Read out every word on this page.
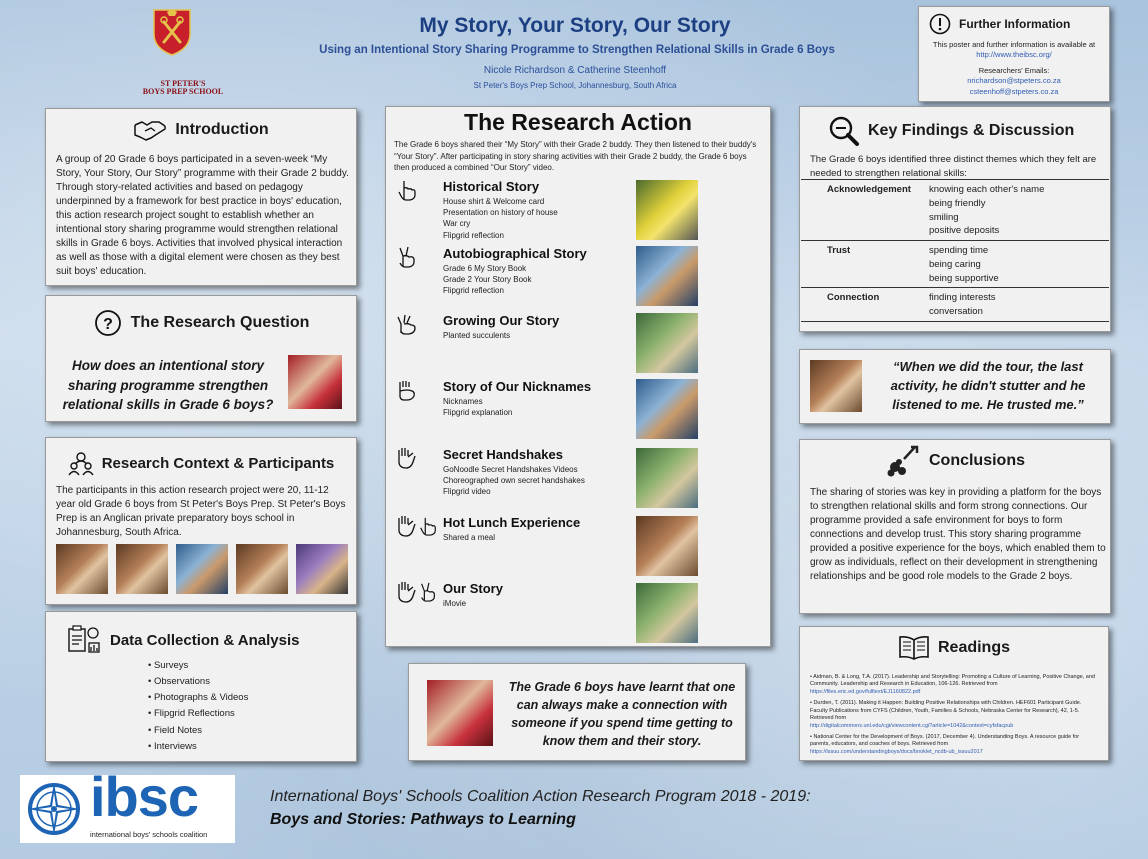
ST PETER'S
BOYS PREP SCHOOL
My Story, Your Story, Our Story
Using an Intentional Story Sharing Programme to Strengthen Relational Skills in Grade 6 Boys
Nicole Richardson & Catherine Steenhoff
St Peter's Boys Prep School, Johannesburg, South Africa
Further Information
This poster and further information is available at
http://www.theibsc.org/
Researchers' Emails:
nrichardson@stpeters.co.za
csteenhoff@stpeters.co.za
Introduction
A group of 20 Grade 6 boys participated in a seven-week “My Story, Your Story, Our Story” programme with their Grade 2 buddy. Through story-related activities and based on pedagogy underpinned by a framework for best practice in boys' education, this action research project sought to establish whether an intentional story sharing programme would strengthen relational skills in Grade 6 boys. Activities that involved physical interaction as well as those with a digital element were chosen as they best suit boys' education.
? The Research Question
How does an intentional story sharing programme strengthen relational skills in Grade 6 boys?
Research Context & Participants
The participants in this action research project were 20, 11-12 year old Grade 6 boys from St Peter's Boys Prep. St Peter's Boys Prep is an Anglican private preparatory boys school in Johannesburg, South Africa.
Data Collection & Analysis
• Surveys
• Observations
• Photographs & Videos
• Flipgrid Reflections
• Field Notes
• Interviews
The Research Action
The Grade 6 boys shared their “My Story” with their Grade 2 buddy. They then listened to their buddy's “Your Story”. After participating in story sharing activities with their Grade 2 buddy, the Grade 6 boys then produced a combined “Our Story” video.
Historical Story
House shirt & Welcome card
Presentation on history of house
War cry
Flipgrid reflection
Autobiographical Story
Grade 6 My Story Book
Grade 2 Your Story Book
Flipgrid reflection
Growing Our Story
Planted succulents
Story of Our Nicknames
Nicknames
Flipgrid explanation
Secret Handshakes
GoNoodle Secret Handshakes Videos
Choreographed own secret handshakes
Flipgrid video
Hot Lunch Experience
Shared a meal
Our Story
iMovie
The Grade 6 boys have learnt that one can always make a connection with someone if you spend time getting to know them and their story.
Key Findings & Discussion
The Grade 6 boys identified three distinct themes which they felt are needed to strengthen relational skills:
Acknowledgement	knowing each other's name
being friendly
smiling
positive deposits

Trust	spending time
being caring
being supportive

Connection	finding interests
conversation
“When we did the tour, the last activity, he didn't stutter and he listened to me. He trusted me.”
Conclusions
The sharing of stories was key in providing a platform for the boys to strengthen relational skills and form strong connections. Our programme provided a safe environment for boys to form connections and develop trust. This story sharing programme provided a positive experience for the boys, which enabled them to grow as individuals, reflect on their development in strengthening relationships and be good role models to the Grade 2 boys.
Readings
• Aidman, B. & Long, T.A. (2017). Leadership and Storytelling: Promoting a Culture of Learning, Positive Change, and Community. Leadership and Research in Education, 106-126. Retrieved from
https://files.eric.ed.gov/fulltext/EJ1160822.pdf
• Durden, T. (2011). Making it Happen: Building Positive Relationships with Children. HEF601 Participant Guide. Faculty Publications from CYFS (Children, Youth, Families & Schools, Nebraska Center for Research), 42, 1-5. Retrieved from
http://digitalcommons.unl.edu/cgi/viewcontent.cgi?article=1042&context=cyfsfacpub
• National Center for the Development of Boys. (2017, December 4). Understanding Boys. A resource guide for parents, educators, and coaches of boys. Retrieved from
https://issuu.com/understandingboys/docs/booklet_ncdb-ub_issuu2017
ibsc
international boys' schools coalition
International Boys' Schools Coalition Action Research Program 2018 - 2019:
Boys and Stories: Pathways to Learning
